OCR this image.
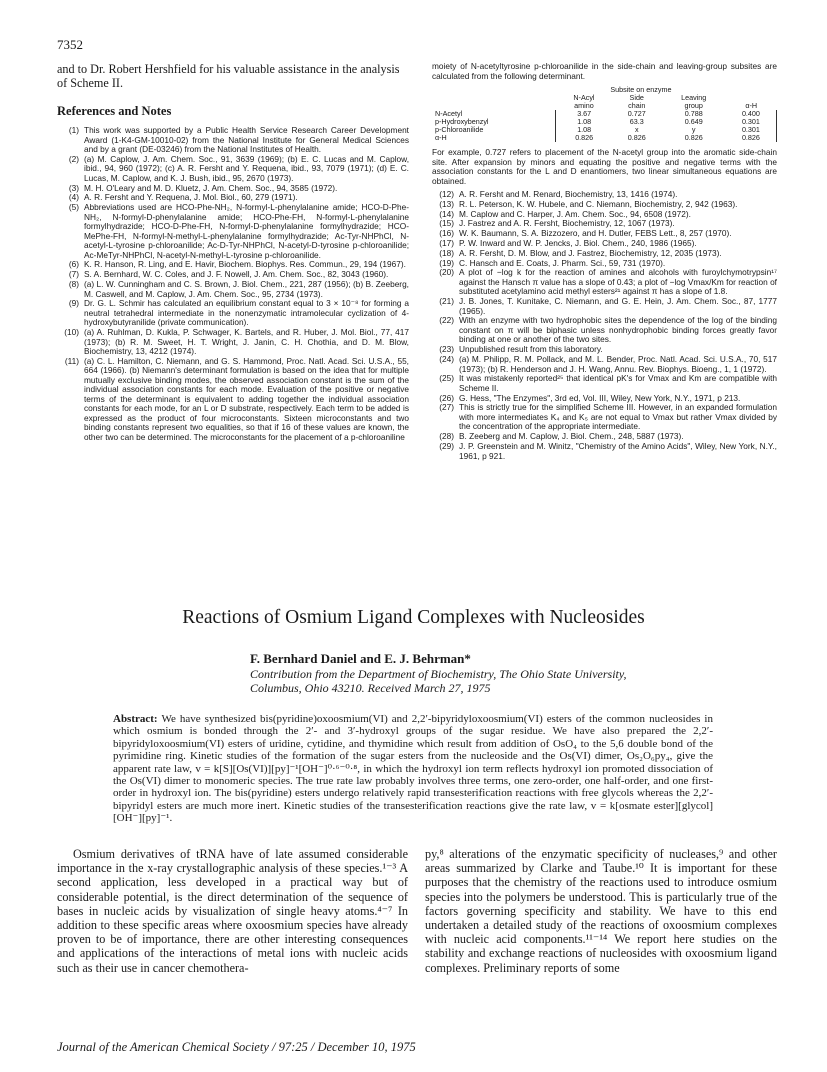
7352

and to Dr. Robert Hershfield for his valuable assistance in the analysis of Scheme II.

References and Notes
(1) This work was supported by a Public Health Service Research Career Development Award (1-K4-GM-10010-02) from the National Institute for General Medical Sciences and by a grant (DE-03246) from the National Institutes of Health.
(2) (a) M. Caplow, J. Am. Chem. Soc., 91, 3639 (1969); (b) E. C. Lucas and M. Caplow, ibid., 94, 960 (1972); (c) A. R. Fersht and Y. Requena, ibid., 93, 7079 (1971); (d) E. C. Lucas, M. Caplow, and K. J. Bush, ibid., 95, 2670 (1973).
(3) M. H. O'Leary and M. D. Kluetz, J. Am. Chem. Soc., 94, 3585 (1972).
(4) A. R. Fersht and Y. Requena, J. Mol. Biol., 60, 279 (1971).
(5) Abbreviations used are HCO-Phe-NH₂, N-formyl-L-phenylalanine amide; HCO-D-Phe-NH₂, N-formyl-D-phenylalanine amide; HCO-Phe-FH, N-formyl-L-phenylalanine formylhydrazide; HCO-D-Phe-FH, N-formyl-D-phenylalanine formylhydrazide; HCO-MePhe-FH, N-formyl-N-methyl-L-phenylalanine formylhydrazide; Ac-Tyr-NHPhCl, N-acetyl-L-tyrosine p-chloroanilide; Ac-D-Tyr-NHPhCl, N-acetyl-D-tyrosine p-chloroanilide; Ac-MeTyr-NHPhCl, N-acetyl-N-methyl-L-tyrosine p-chloroanilide.
(6) K. R. Hanson, R. Ling, and E. Havir, Biochem. Biophys. Res. Commun., 29, 194 (1967).
(7) S. A. Bernhard, W. C. Coles, and J. F. Nowell, J. Am. Chem. Soc., 82, 3043 (1960).
(8) (a) L. W. Cunningham and C. S. Brown, J. Biol. Chem., 221, 287 (1956); (b) B. Zeeberg, M. Caswell, and M. Caplow, J. Am. Chem. Soc., 95, 2734 (1973).
(9) Dr. G. L. Schmir has calculated an equilibrium constant equal to 3 × 10⁻⁸ for forming a neutral tetrahedral intermediate in the nonenzymatic intramolecular cyclization of 4-hydroxybutyranilide (private communication).
(10) (a) A. Ruhlman, D. Kukla, P. Schwager, K. Bartels, and R. Huber, J. Mol. Biol., 77, 417 (1973); (b) R. M. Sweet, H. T. Wright, J. Janin, C. H. Chothia, and D. M. Blow, Biochemistry, 13, 4212 (1974).
(11) (a) C. L. Hamilton, C. Niemann, and G. S. Hammond, Proc. Natl. Acad. Sci. U.S.A., 55, 664 (1966). (b) Niemann's determinant formulation is based on the idea that for multiple mutually exclusive binding modes, the observed association constant is the sum of the individual association constants for each mode. Evaluation of the positive or negative terms of the determinant is equivalent to adding together the individual association constants for each mode, for an L or D substrate, respectively. Each term to be added is expressed as the product of four microconstants. Sixteen microconstants and two binding constants represent two equalities, so that if 16 of these values are known, the other two can be determined. The microconstants for the placement of a p-chloroaniline

moiety of N-acetyltyrosine p-chloroanilide in the side-chain and leaving-group subsites are calculated from the following determinant.

	Subsite on enzyme			
	N-Acyl	Side	Leaving	
	amino	chain	group	α-H
N-Acetyl	3.67	0.727	0.788	0.400
p-Hydroxybenzyl	1.08	63.3	0.649	0.301
p-Chloroanilide	1.08	x	y	0.301
α-H	0.826	0.826	0.826	0.826

For example, 0.727 refers to placement of the N-acetyl group into the aromatic side-chain site. After expansion by minors and equating the positive and negative terms with the association constants for the L and D enantiomers, two linear simultaneous equations are obtained.

(12) A. R. Fersht and M. Renard, Biochemistry, 13, 1416 (1974).
(13) R. L. Peterson, K. W. Hubele, and C. Niemann, Biochemistry, 2, 942 (1963).
(14) M. Caplow and C. Harper, J. Am. Chem. Soc., 94, 6508 (1972).
(15) J. Fastrez and A. R. Fersht, Biochemistry, 12, 1067 (1973).
(16) W. K. Baumann, S. A. Bizzozero, and H. Dutler, FEBS Lett., 8, 257 (1970).
(17) P. W. Inward and W. P. Jencks, J. Biol. Chem., 240, 1986 (1965).
(18) A. R. Fersht, D. M. Blow, and J. Fastrez, Biochemistry, 12, 2035 (1973).
(19) C. Hansch and E. Coats, J. Pharm. Sci., 59, 731 (1970).
(20) A plot of −log k for the reaction of amines and alcohols with furoylchymotrypsin¹⁷ against the Hansch π value has a slope of 0.43; a plot of −log Vmax/Km for reaction of substituted acetylamino acid methyl esters²¹ against π has a slope of 1.8.
(21) J. B. Jones, T. Kunitake, C. Niemann, and G. E. Hein, J. Am. Chem. Soc., 87, 1777 (1965).
(22) With an enzyme with two hydrophobic sites the dependence of the log of the binding constant on π will be biphasic unless nonhydrophobic binding forces greatly favor binding at one or another of the two sites.
(23) Unpublished result from this laboratory.
(24) (a) M. Philipp, R. M. Pollack, and M. L. Bender, Proc. Natl. Acad. Sci. U.S.A., 70, 517 (1973); (b) R. Henderson and J. H. Wang, Annu. Rev. Biophys. Bioeng., 1, 1 (1972).
(25) It was mistakenly reported²⁵ that identical pK's for Vmax and Km are compatible with Scheme II.
(26) G. Hess, "The Enzymes", 3rd ed, Vol. III, Wiley, New York, N.Y., 1971, p 213.
(27) This is strictly true for the simplified Scheme III. However, in an expanded formulation with more intermediates K₄ and K₅ are not equal to Vmax but rather Vmax divided by the concentration of the appropriate intermediate.
(28) B. Zeeberg and M. Caplow, J. Biol. Chem., 248, 5887 (1973).
(29) J. P. Greenstein and M. Winitz, "Chemistry of the Amino Acids", Wiley, New York, N.Y., 1961, p 921.
Reactions of Osmium Ligand Complexes with Nucleosides
F. Bernhard Daniel and E. J. Behrman*
Contribution from the Department of Biochemistry, The Ohio State University, Columbus, Ohio 43210. Received March 27, 1975
Abstract: We have synthesized bis(pyridine)oxoosmium(VI) and 2,2′-bipyridyloxoosmium(VI) esters of the common nucleosides in which osmium is bonded through the 2′- and 3′-hydroxyl groups of the sugar residue. We have also prepared the 2,2′-bipyridyloxoosmium(VI) esters of uridine, cytidine, and thymidine which result from addition of OsO₄ to the 5,6 double bond of the pyrimidine ring. Kinetic studies of the formation of the sugar esters from the nucleoside and the Os(VI) dimer, Os₂O₆py₄, give the apparent rate law, v = k[S][Os(VI)][py]⁻¹[OH⁻]⁰·⁶⁻⁰·⁸, in which the hydroxyl ion term reflects hydroxyl ion promoted dissociation of the Os(VI) dimer to monomeric species. The true rate law probably involves three terms, one zero-order, one half-order, and one first-order in hydroxyl ion. The bis(pyridine) esters undergo relatively rapid transesterification reactions with free glycols whereas the 2,2′-bipyridyl esters are much more inert. Kinetic studies of the transesterification reactions give the rate law, v = k[osmate ester][glycol][OH⁻][py]⁻¹.

Osmium derivatives of tRNA have of late assumed considerable importance in the x-ray crystallographic analysis of these species.¹⁻³ A second application, less developed in a practical way but of considerable potential, is the direct determination of the sequence of bases in nucleic acids by visualization of single heavy atoms.⁴⁻⁷ In addition to these specific areas where oxoosmium species have already proven to be of importance, there are other interesting consequences and applications of the interactions of metal ions with nucleic acids such as their use in cancer chemothera-

py,⁸ alterations of the enzymatic specificity of nucleases,⁹ and other areas summarized by Clarke and Taube.¹⁰ It is important for these purposes that the chemistry of the reactions used to introduce osmium species into the polymers be understood. This is particularly true of the factors governing specificity and stability. We have to this end undertaken a detailed study of the reactions of oxoosmium complexes with nucleic acid components.¹¹⁻¹⁴ We report here studies on the stability and exchange reactions of nucleosides with oxoosmium ligand complexes. Preliminary reports of some

Journal of the American Chemical Society / 97:25 / December 10, 1975
